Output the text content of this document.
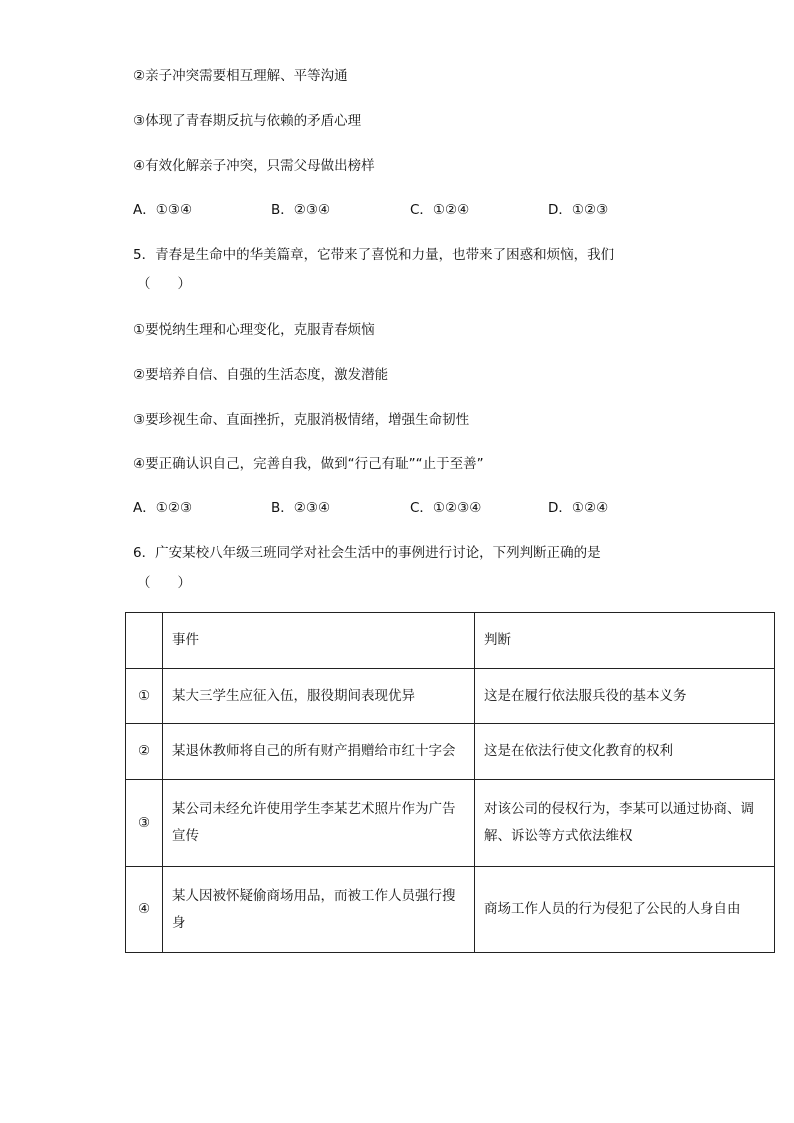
②亲子冲突需要相互理解、平等沟通
③体现了青春期反抗与依赖的矛盾心理
④有效化解亲子冲突，只需父母做出榜样
A．①③④	B．②③④	C．①②④	D．①②③
5．青春是生命中的华美篇章，它带来了喜悦和力量，也带来了困惑和烦恼，我们
（　　）
①要悦纳生理和心理变化，克服青春烦恼
②要培养自信、自强的生活态度，激发潜能
③要珍视生命、直面挫折，克服消极情绪，增强生命韧性
④要正确认识自己，完善自我，做到“行己有耻”“止于至善”
A．①②③	B．②③④	C．①②③④	D．①②④
6．广安某校八年级三班同学对社会生活中的事例进行讨论，下列判断正确的是
（　　）
	事件	判断
①	某大三学生应征入伍，服役期间表现优异	这是在履行依法服兵役的基本义务
②	某退休教师将自己的所有财产捐赠给市红十字会	这是在依法行使文化教育的权利
③	某公司未经允许使用学生李某艺术照片作为广告宣传	对该公司的侵权行为，李某可以通过协商、调解、诉讼等方式依法维权
④	某人因被怀疑偷商场用品，而被工作人员强行搜身	商场工作人员的行为侵犯了公民的人身自由
